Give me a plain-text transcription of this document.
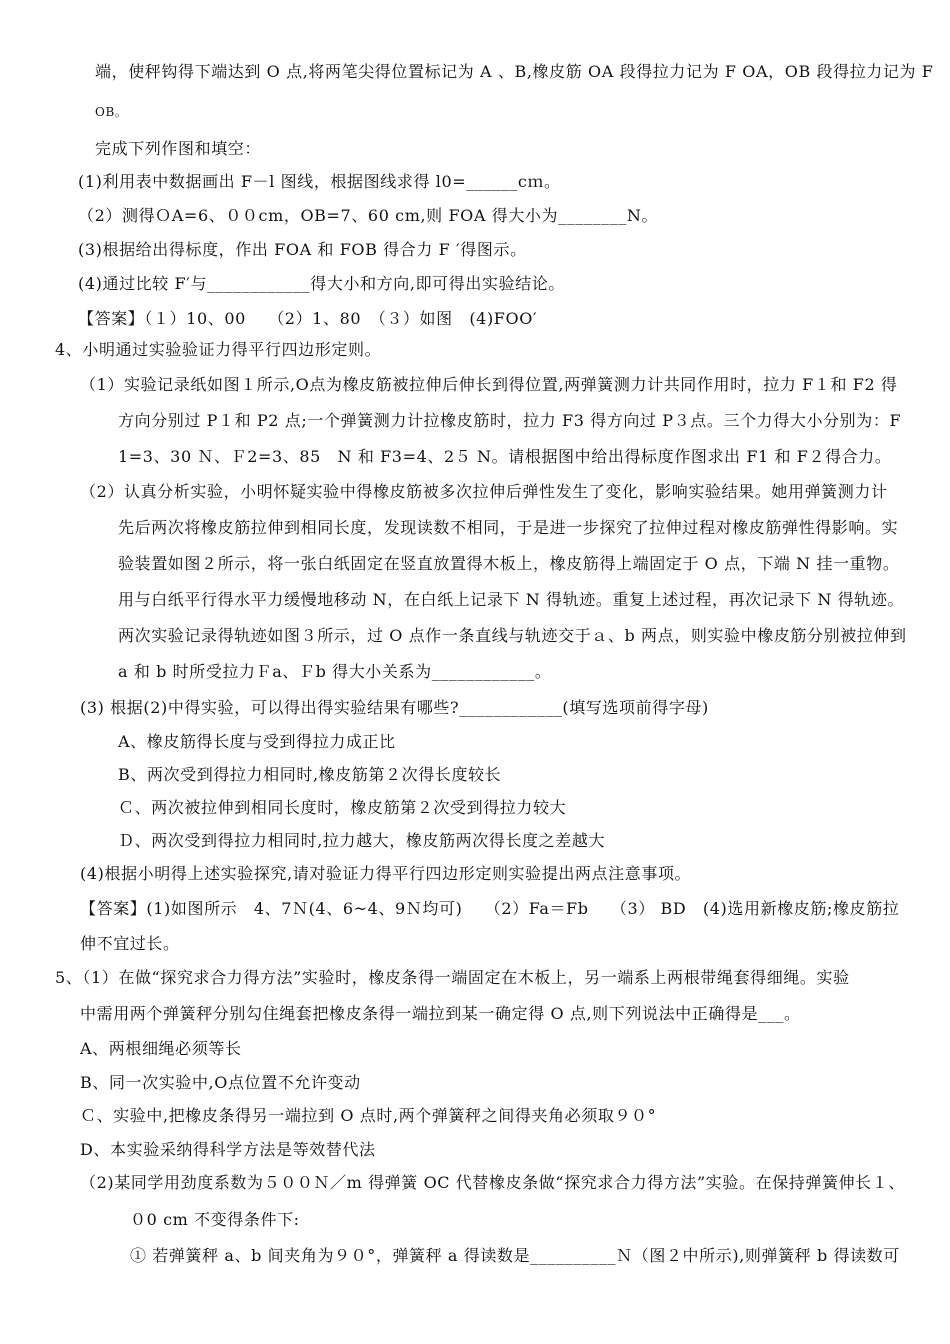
端，使秤钩得下端达到 O 点,将两笔尖得位置标记为 A 、B,橡皮筋 OA 段得拉力记为 F OA，OB 段得拉力记为 F
OB。
完成下列作图和填空：
(1)利用表中数据画出 F－l 图线，根据图线求得 l0=______cｍ。
（2）测得ＯA=6、００cm，OB=7、60 cm,则 FOA 得大小为________N。
(3)根据给出得标度，作出 FOA 和 FOB 得合力 F ′得图示。
(4)通过比较 F′与____________得大小和方向,即可得出实验结论。
【答案】（１）10、00　 （2）1、80　（３）如图　(4)FOO′
4、小明通过实验验证力得平行四边形定则。
（1）实验记录纸如图１所示,O点为橡皮筋被拉伸后伸长到得位置,两弹簧测力计共同作用时，拉力 F１和 F2 得
方向分别过 P１和 P2 点;一个弹簧测力计拉橡皮筋时，拉力 F3 得方向过 P３点。三个力得大小分别为：F
1=3、30 Ｎ、Ｆ2=3、85　N 和 F3=4、2５ N。请根据图中给出得标度作图求出 F1 和 F２得合力。
（2）认真分析实验，小明怀疑实验中得橡皮筋被多次拉伸后弹性发生了变化，影响实验结果。她用弹簧测力计
先后两次将橡皮筋拉伸到相同长度，发现读数不相同，于是进一步探究了拉伸过程对橡皮筋弹性得影响。实
验装置如图２所示，将一张白纸固定在竖直放置得木板上，橡皮筋得上端固定于 O 点，下端 N 挂一重物。
用与白纸平行得水平力缓慢地移动 N，在白纸上记录下 N 得轨迹。重复上述过程，再次记录下 N 得轨迹。
两次实验记录得轨迹如图３所示，过 O 点作一条直线与轨迹交于ａ、b 两点，则实验中橡皮筋分别被拉伸到
a 和 b 时所受拉力Ｆa、Ｆb 得大小关系为____________。
(3) 根据(2)中得实验，可以得出得实验结果有哪些?____________(填写选项前得字母)
A、橡皮筋得长度与受到得拉力成正比
B、两次受到得拉力相同时,橡皮筋第２次得长度较长
Ｃ、两次被拉伸到相同长度时，橡皮筋第２次受到得拉力较大
Ｄ、两次受到得拉力相同时,拉力越大，橡皮筋两次得长度之差越大
(4)根据小明得上述实验探究,请对验证力得平行四边形定则实验提出两点注意事项。
【答案】(1)如图所示　4、7Ｎ(4、6~4、9Ｎ均可)　 （2）Fa＝Fb　 （3） BD　(4)选用新橡皮筋;橡皮筋拉
伸不宜过长。
5、（1）在做“探究求合力得方法”实验时，橡皮条得一端固定在木板上，另一端系上两根带绳套得细绳。实验
中需用两个弹簧秤分别勾住绳套把橡皮条得一端拉到某一确定得 O 点,则下列说法中正确得是___。
A、两根细绳必须等长
B、同一次实验中,O点位置不允许变动
Ｃ、实验中,把橡皮条得另一端拉到 O 点时,两个弹簧秤之间得夹角必须取９０°
D、本实验采纳得科学方法是等效替代法
（2)某同学用劲度系数为５００Ｎ／m 得弹簧 OC 代替橡皮条做“探究求合力得方法”实验。在保持弹簧伸长１、
０0 cm 不变得条件下:
① 若弹簧秤 a、b 间夹角为９０°，弹簧秤 a 得读数是__________Ｎ（图２中所示),则弹簧秤 b 得读数可
